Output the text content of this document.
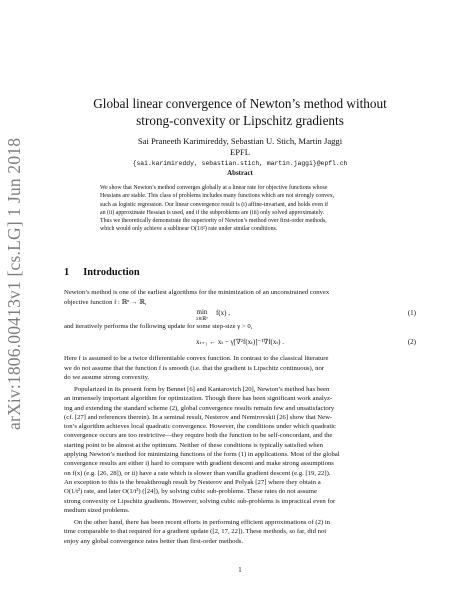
arXiv:1806.00413v1 [cs.LG] 1 Jun 2018
Global linear convergence of Newton’s method without
strong-convexity or Lipschitz gradients
Sai Praneeth Karimireddy, Sebastian U. Stich, Martin Jaggi
EPFL
{sai.karimireddy, sebastian.stich, martin.jaggi}@epfl.ch
Abstract
We show that Newton’s method converges globally at a linear rate for objective functions whose
Hessians are stable. This class of problems includes many functions which are not strongly convex,
such as logistic regression. Our linear convergence result is (i) affine-invariant, and holds even if
an (ii) approximate Hessian is used, and if the subproblems are (iii) only solved approximately.
Thus we theoretically demonstrate the superiority of Newton’s method over first-order methods,
which would only achieve a sublinear O(1/t²) rate under similar conditions.
1 Introduction
Newton’s method is one of the earliest algorithms for the minimization of an unconstrained convex
objective function f : ℝⁿ → ℝ,
min
x∈ℝⁿ
f(x) ,	(1)
and iteratively performs the following update for some step-size γ > 0,
xₜ₊₁ ← xₜ − γ[∇²f(xₜ)]⁻¹∇f(xₜ) .	(2)
Here f is assumed to be a twice differentiable convex function. In contrast to the classical literature
we do not assume that the function f is smooth (i.e. that the gradient is Lipschitz continuous), nor
do we assume strong convexity.
Popularized in its present form by Bennet [6] and Kantarovich [20], Newton’s method has been
an immensely important algorithm for optimization. Though there has been significant work analyz-
ing and extending the standard scheme (2), global convergence results remain few and unsatisfactory
(cf. [27] and references therein). In a seminal result, Nesterov and Nemirovskii [26] show that New-
ton’s algorithm achieves local quadratic convergence. However, the conditions under which quadratic
convergence occurs are too restrictive—they require both the function to be self-concordant, and the
starting point to be almost at the optimum. Neither of these conditions is typically satisfied when
applying Newton’s method for minimizing functions of the form (1) in applications. Most of the global
convergence results are either i) hard to compare with gradient descent and make strong assumptions
on f(x) (e.g. [26, 28]), or ii) have a rate which is slower than vanilla gradient descent (e.g. [19, 22]).
An exception to this is the breakthrough result by Nesterov and Polyak [27] where they obtain a
O(1/t²) rate, and later O(1/t³) ([24]), by solving cubic sub-problems. These rates do not assume
strong convexity or Lipschitz gradients. However, solving cubic sub-problems is impractical even for
medium sized problems.
On the other hand, there has been recent efforts in performing efficient approximations of (2) in
time comparable to that required for a gradient update ([2, 17, 22]). These methods, so far, did not
enjoy any global convergence rates better than first-order methods.
1
